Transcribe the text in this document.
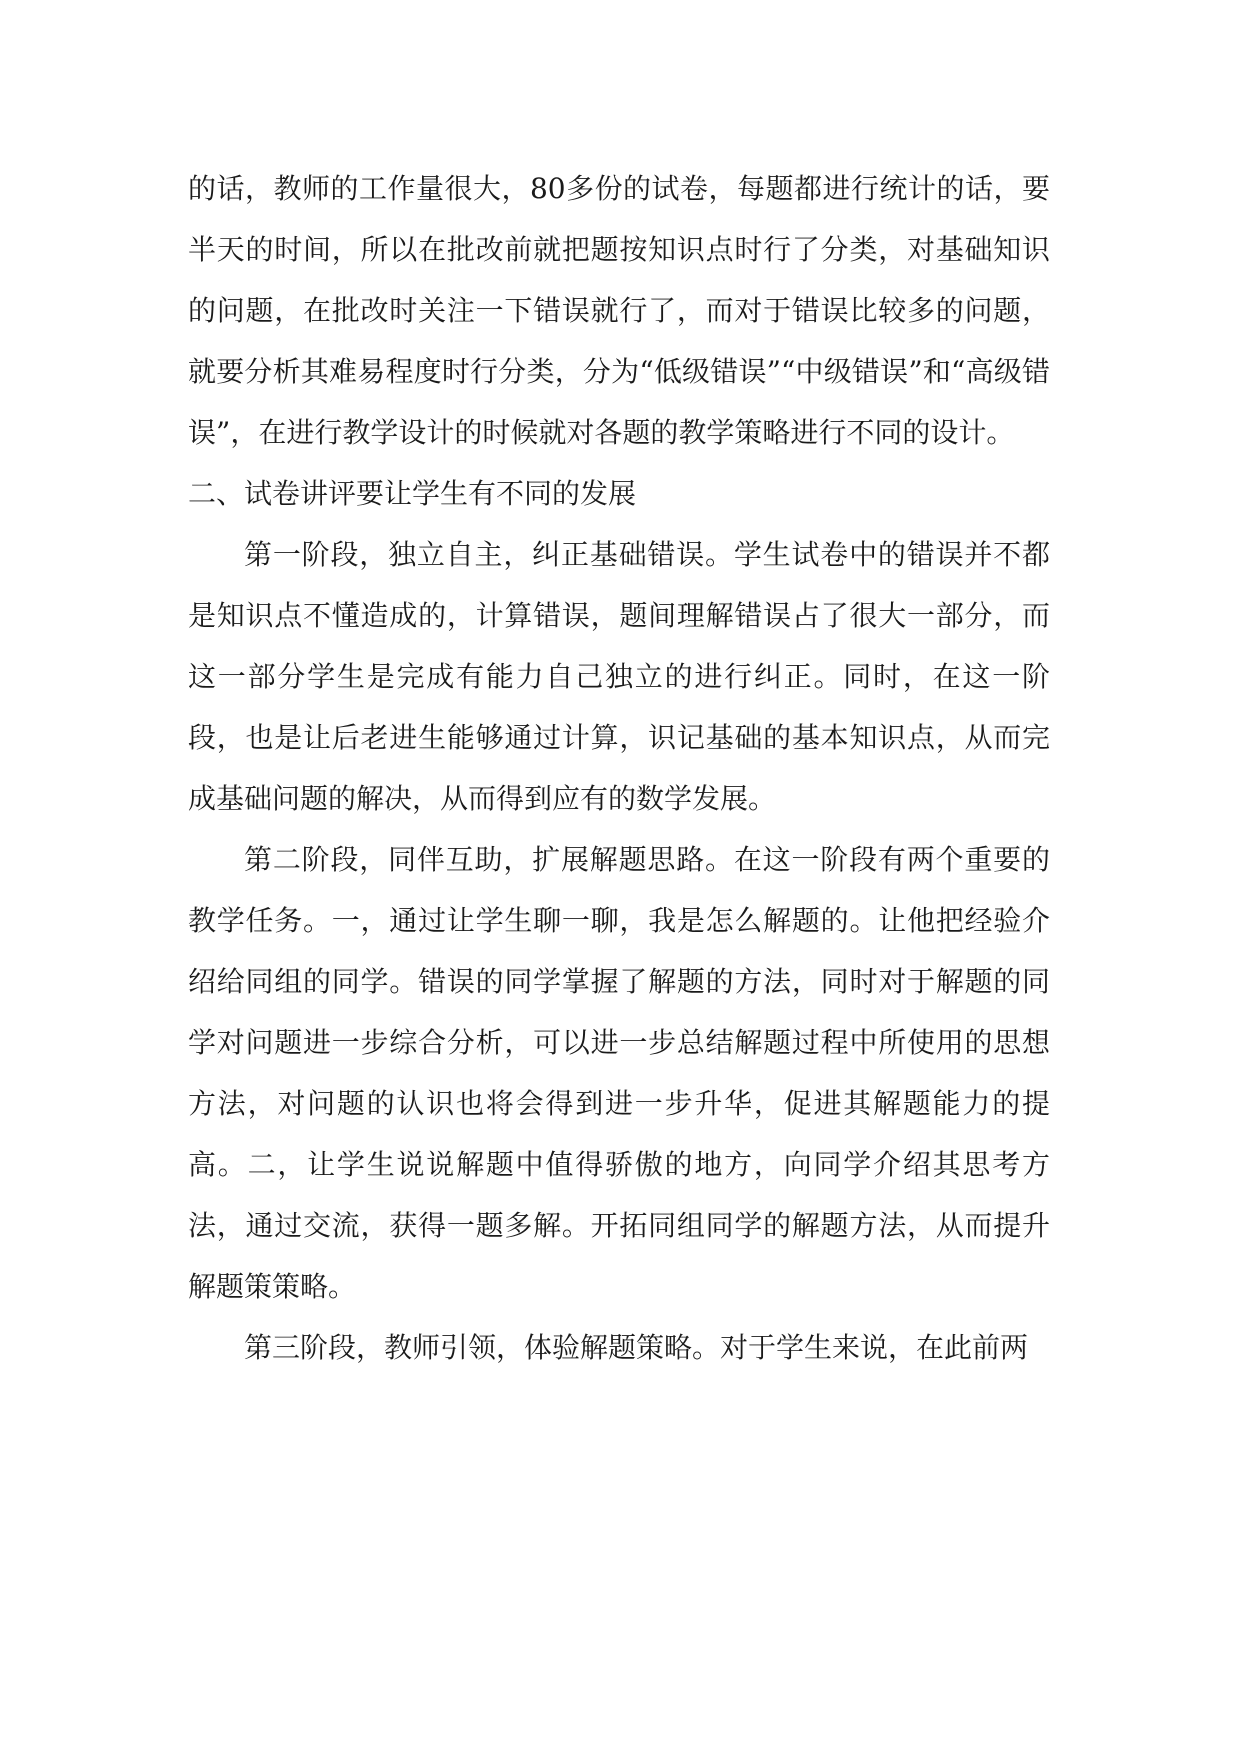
的话，教师的工作量很大，80多份的试卷，每题都进行统计的话，要半天的时间，所以在批改前就把题按知识点时行了分类，对基础知识的问题，在批改时关注一下错误就行了，而对于错误比较多的问题，就要分析其难易程度时行分类，分为“低级错误”“中级错误”和“高级错误”，在进行教学设计的时候就对各题的教学策略进行不同的设计。

二、试卷讲评要让学生有不同的发展

第一阶段，独立自主，纠正基础错误。学生试卷中的错误并不都是知识点不懂造成的，计算错误，题间理解错误占了很大一部分，而这一部分学生是完成有能力自己独立的进行纠正。同时，在这一阶段，也是让后老进生能够通过计算，识记基础的基本知识点，从而完成基础问题的解决，从而得到应有的数学发展。

第二阶段，同伴互助，扩展解题思路。在这一阶段有两个重要的教学任务。一，通过让学生聊一聊，我是怎么解题的。让他把经验介绍给同组的同学。错误的同学掌握了解题的方法，同时对于解题的同学对问题进一步综合分析，可以进一步总结解题过程中所使用的思想方法，对问题的认识也将会得到进一步升华，促进其解题能力的提高。二，让学生说说解题中值得骄傲的地方，向同学介绍其思考方法，通过交流，获得一题多解。开拓同组同学的解题方法，从而提升解题策策略。

第三阶段，教师引领，体验解题策略。对于学生来说，在此前两
